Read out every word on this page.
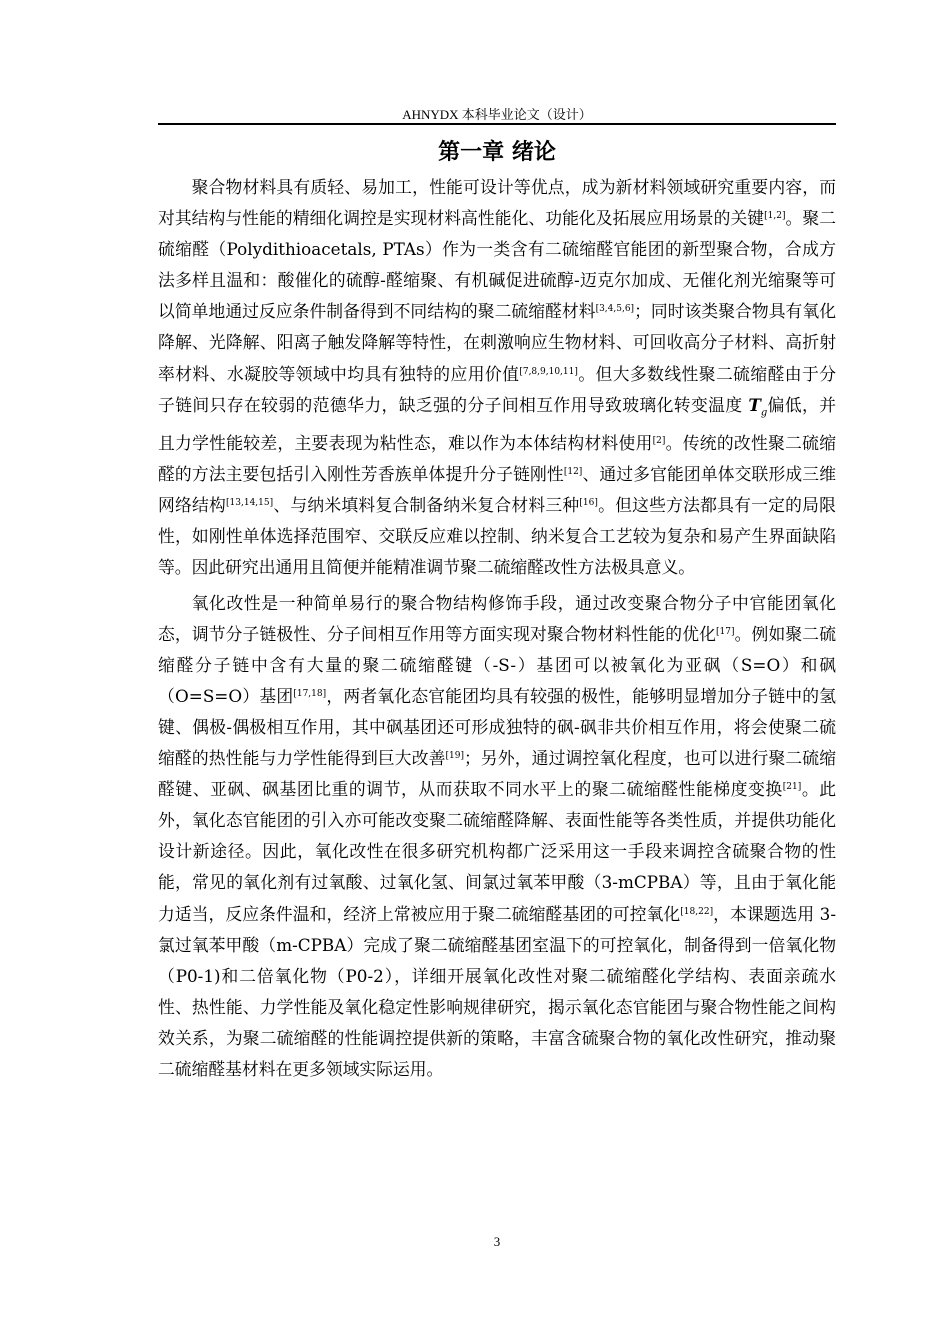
AHNYDX 本科毕业论文（设计）
第一章 绪论

聚合物材料具有质轻、易加工，性能可设计等优点，成为新材料领域研究重要内容，而对其结构与性能的精细化调控是实现材料高性能化、功能化及拓展应用场景的关键[1,2]。聚二硫缩醛（Polydithioacetals, PTAs）作为一类含有二硫缩醛官能团的新型聚合物，合成方法多样且温和：酸催化的硫醇-醛缩聚、有机碱促进硫醇-迈克尔加成、无催化剂光缩聚等可以简单地通过反应条件制备得到不同结构的聚二硫缩醛材料[3,4,5,6]；同时该类聚合物具有氧化降解、光降解、阳离子触发降解等特性，在刺激响应生物材料、可回收高分子材料、高折射率材料、水凝胶等领域中均具有独特的应用价值[7,8,9,10,11]。但大多数线性聚二硫缩醛由于分子链间只存在较弱的范德华力，缺乏强的分子间相互作用导致玻璃化转变温度 $T_g$偏低，并且力学性能较差，主要表现为粘性态，难以作为本体结构材料使用[2]。传统的改性聚二硫缩醛的方法主要包括引入刚性芳香族单体提升分子链刚性[12]、通过多官能团单体交联形成三维网络结构[13,14,15]、与纳米填料复合制备纳米复合材料三种[16]。但这些方法都具有一定的局限性，如刚性单体选择范围窄、交联反应难以控制、纳米复合工艺较为复杂和易产生界面缺陷等。因此研究出通用且简便并能精准调节聚二硫缩醛改性方法极具意义。

氧化改性是一种简单易行的聚合物结构修饰手段，通过改变聚合物分子中官能团氧化态，调节分子链极性、分子间相互作用等方面实现对聚合物材料性能的优化[17]。例如聚二硫缩醛分子链中含有大量的聚二硫缩醛键（-S-）基团可以被氧化为亚砜（S=O）和砜（O=S=O）基团[17,18]，两者氧化态官能团均具有较强的极性，能够明显增加分子链中的氢键、偶极-偶极相互作用，其中砜基团还可形成独特的砜-砜非共价相互作用，将会使聚二硫缩醛的热性能与力学性能得到巨大改善[19]；另外，通过调控氧化程度，也可以进行聚二硫缩醛键、亚砜、砜基团比重的调节，从而获取不同水平上的聚二硫缩醛性能梯度变换[21]。此外，氧化态官能团的引入亦可能改变聚二硫缩醛降解、表面性能等各类性质，并提供功能化设计新途径。因此，氧化改性在很多研究机构都广泛采用这一手段来调控含硫聚合物的性能，常见的氧化剂有过氧酸、过氧化氢、间氯过氧苯甲酸（3-mCPBA）等，且由于氧化能力适当，反应条件温和，经济上常被应用于聚二硫缩醛基团的可控氧化[18,22]，本课题选用 3-氯过氧苯甲酸（m-CPBA）完成了聚二硫缩醛基团室温下的可控氧化，制备得到一倍氧化物（P0-1)和二倍氧化物（P0-2），详细开展氧化改性对聚二硫缩醛化学结构、表面亲疏水性、热性能、力学性能及氧化稳定性影响规律研究，揭示氧化态官能团与聚合物性能之间构效关系，为聚二硫缩醛的性能调控提供新的策略，丰富含硫聚合物的氧化改性研究，推动聚二硫缩醛基材料在更多领域实际运用。

3
